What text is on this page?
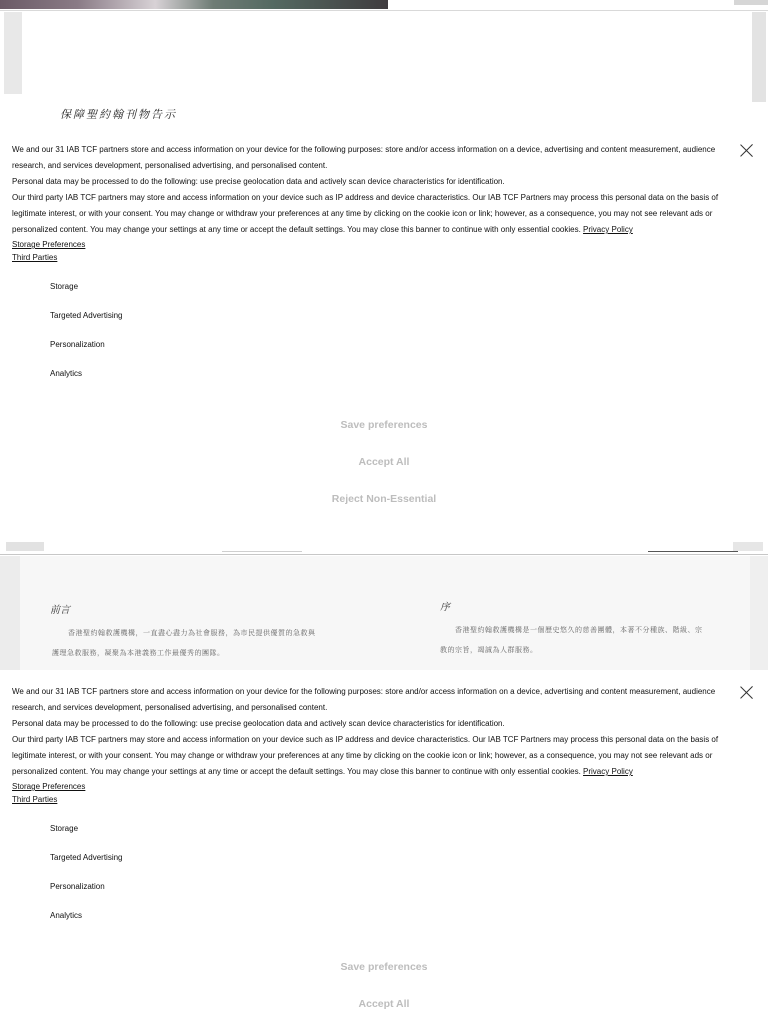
保障聖約翰刊物告示

We and our 31 IAB TCF partners store and access information on your device for the following purposes: store and/or access information on a device, advertising and content measurement, audience research, and services development, personalised advertising, and personalised content.

Personal data may be processed to do the following: use precise geolocation data and actively scan device characteristics for identification.

Our third party IAB TCF partners may store and access information on your device such as IP address and device characteristics. Our IAB TCF Partners may process this personal data on the basis of legitimate interest, or with your consent. You may change or withdraw your preferences at any time by clicking on the cookie icon or link; however, as a consequence, you may not see relevant ads or personalized content. You may change your settings at any time or accept the default settings. You may close this banner to continue with only essential cookies. Privacy Policy

Storage Preferences
Third Parties
Storage
Targeted Advertising
Personalization
Analytics
Save preferences
Accept All
Reject Non-Essential
前言
香港聖約翰救護機構，一直盡心盡力為社會服務，為市民提供優質的急救與
護理急救服務，凝聚為本港義務工作最優秀的團隊。
序
香港聖約翰救護機構是一個歷史悠久的慈善團體，本著不分種族、階級、宗
教的宗旨，竭誠為人群服務。

We and our 31 IAB TCF partners store and access information on your device for the following purposes: store and/or access information on a device, advertising and content measurement, audience research, and services development, personalised advertising, and personalised content.

Personal data may be processed to do the following: use precise geolocation data and actively scan device characteristics for identification.

Our third party IAB TCF partners may store and access information on your device such as IP address and device characteristics. Our IAB TCF Partners may process this personal data on the basis of legitimate interest, or with your consent. You may change or withdraw your preferences at any time by clicking on the cookie icon or link; however, as a consequence, you may not see relevant ads or personalized content. You may change your settings at any time or accept the default settings. You may close this banner to continue with only essential cookies. Privacy Policy

Storage Preferences
Third Parties
Storage
Targeted Advertising
Personalization
Analytics
Save preferences
Accept All
